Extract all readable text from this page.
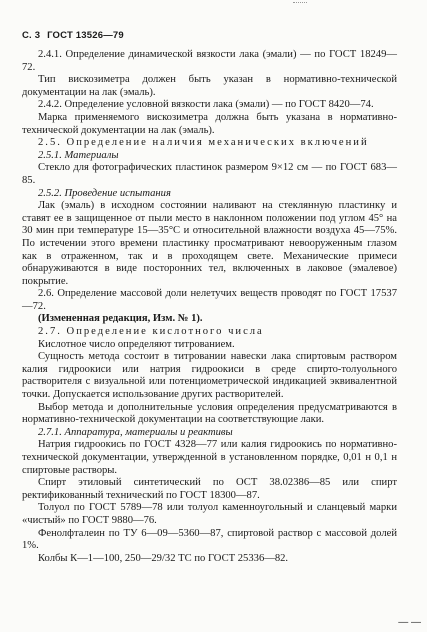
С. 3 ГОСТ 13526—79

2.4.1. Определение динамической вязкости лака (эмали) — по ГОСТ 18249—72.

Тип вискозиметра должен быть указан в нормативно-технической документации на лак (эмаль).

2.4.2. Определение условной вязкости лака (эмали) — по ГОСТ 8420—74.

Марка применяемого вискозиметра должна быть указана в нормативно-технической документации на лак (эмаль).

2.5. Определение наличия механических включений

2.5.1. Материалы

Стекло для фотографических пластинок размером 9×12 см — по ГОСТ 683—85.

2.5.2. Проведение испытания

Лак (эмаль) в исходном состоянии наливают на стеклянную пластинку и ставят ее в защищенное от пыли место в наклонном положении под углом 45° на 30 мин при температуре 15—35°С и относительной влажности воздуха 45—75%. По истечении этого времени пластинку просматривают невооруженным глазом как в отраженном, так и в проходящем свете. Механические примеси обнаруживаются в виде посторонних тел, включенных в лаковое (эмалевое) покрытие.

2.6. Определение массовой доли нелетучих веществ проводят по ГОСТ 17537—72.

(Измененная редакция, Изм. № 1).

2.7. Определение кислотного числа

Кислотное число определяют титрованием.

Сущность метода состоит в титровании навески лака спиртовым раствором калия гидроокиси или натрия гидроокиси в среде спирто-толуольного растворителя с визуальной или потенциометрической индикацией эквивалентной точки. Допускается использование других растворителей.

Выбор метода и дополнительные условия определения предусматриваются в нормативно-технической документации на соответствующие лаки.

2.7.1. Аппаратура, материалы и реактивы

Натрия гидроокись по ГОСТ 4328—77 или калия гидроокись по нормативно-технической документации, утвержденной в установленном порядке, 0,01 н 0,1 н спиртовые растворы.

Спирт этиловый синтетический по ОСТ 38.02386—85 или спирт ректификованный технический по ГОСТ 18300—87.

Толуол по ГОСТ 5789—78 или толуол каменноугольный и сланцевый марки «чистый» по ГОСТ 9880—76.

Фенолфталеин по ТУ 6—09—5360—87, спиртовой раствор с массовой долей 1%.

Колбы К—1—100, 250—29/32 ТС по ГОСТ 25336—82.

— —
